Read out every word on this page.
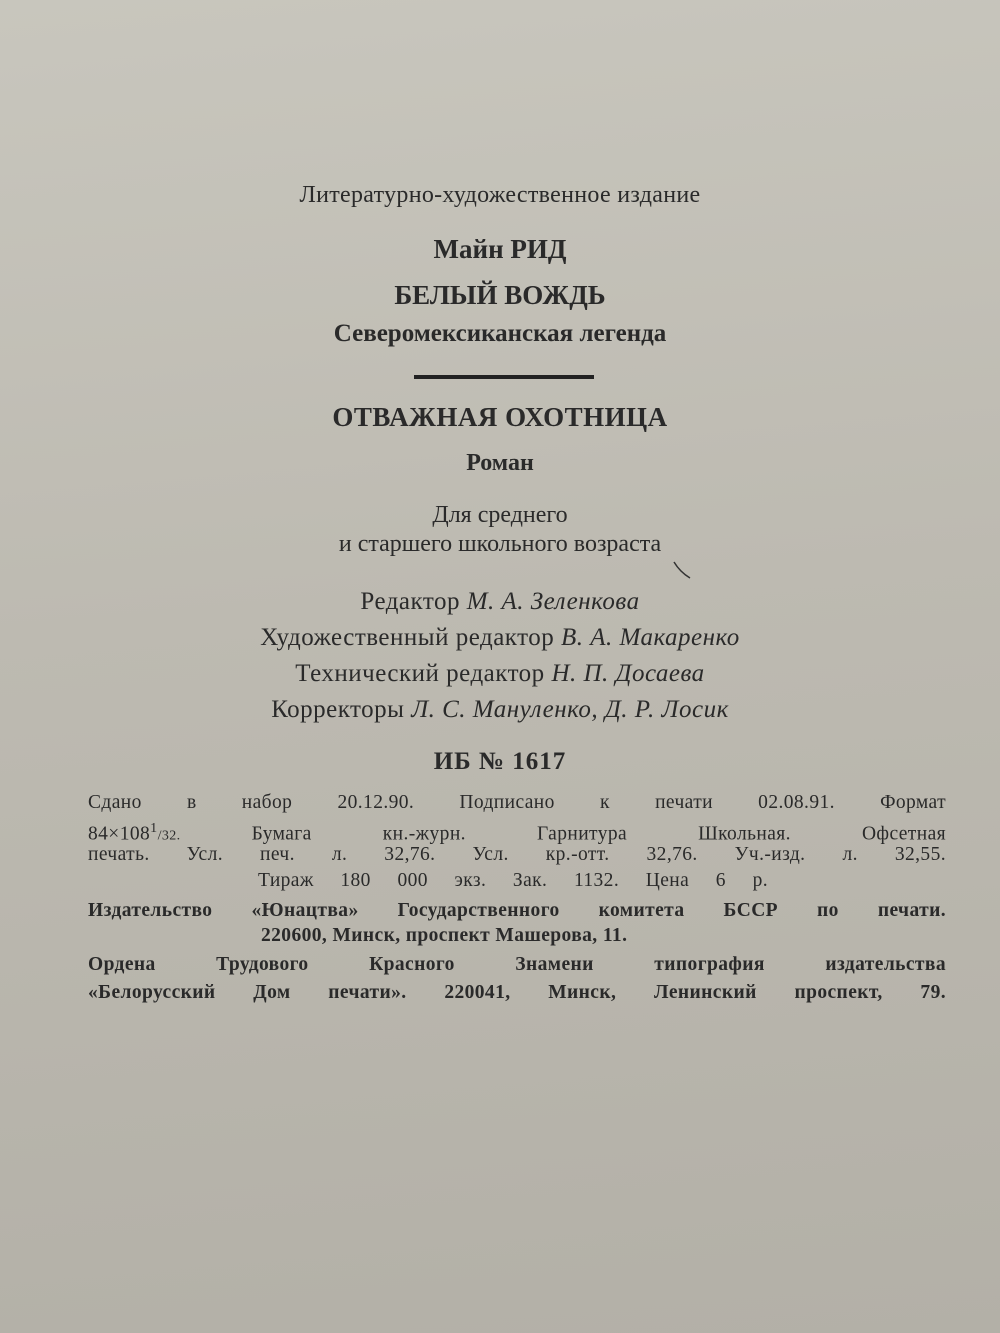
Литературно-художественное издание
Майн РИД
БЕЛЫЙ ВОЖДЬ
Северомексиканская легенда
ОТВАЖНАЯ ОХОТНИЦА
Роман
Для среднего
и старшего школьного возраста
Редактор М. А. Зеленкова
Художественный редактор В. А. Макаренко
Технический редактор Н. П. Досаева
Корректоры Л. С. Мануленко, Д. Р. Лосик
ИБ № 1617
Сдано в набор 20.12.90. Подписано к печати 02.08.91. Формат
$84\times 108^1/32$.	Бумага кн.-журн. Гарнитура Школьная. Офсетная
печать. Усл. печ. л. 32,76. Усл. кр.-отт. 32,76. Уч.-изд. л. 32,55.
Тираж 180 000 экз. Зак. 1132. Цена 6 р.
Издательство «Юнацтва» Государственного комитета БССР по печати.
220600, Минск, проспект Машерова, 11.
Ордена Трудового Красного Знамени типография издательства
«Белорусский Дом печати». 220041, Минск, Ленинский проспект, 79.
